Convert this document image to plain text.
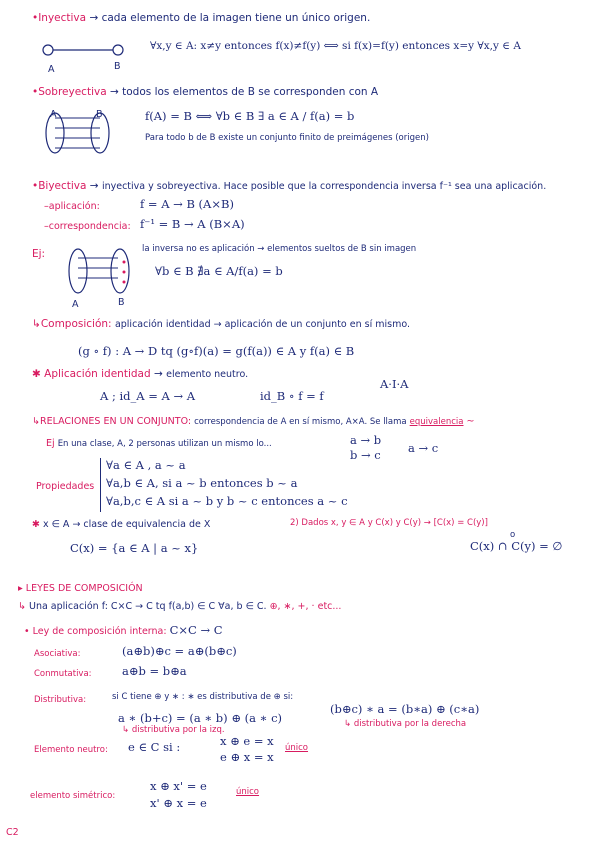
•Inyectiva → cada elemento de la imagen tiene un único origen.
A	B
∀x,y ∈ A: x≠y entonces f(x)≠f(y) ⟺ si f(x)=f(y) entonces x=y ∀x,y ∈ A
•Sobreyectiva → todos los elementos de B se corresponden con A
A	B	f(A) = B ⟺ ∀b ∈ B ∃ a ∈ A / f(a) = b
Para todo b de B existe un conjunto finito de preimágenes (origen)
•Biyectiva → inyectiva y sobreyectiva. Hace posible que la correspondencia inversa f⁻¹ sea una aplicación.
–aplicación:	f = A → B (A×B)
–correspondencia: f⁻¹ = B → A (B×A)
Ej:
A	B
la inversa no es aplicación → elementos sueltos de B sin imagen
∀b ∈ B ∄a ∈ A/f(a) = b
↳Composición: aplicación identidad → aplicación de un conjunto en sí mismo.
(g ∘ f) : A → D tq (g∘f)(a) = g(f(a)) ∈ A y f(a) ∈ B
✱ Aplicación identidad → elemento neutro.
A ; id_A = A → A	id_B ∘ f = f
A·I·A
↳RELACIONES EN UN CONJUNTO: correspondencia de A en sí mismo, A×A. Se llama equivalencia ~
Ej En una clase, A, 2 personas utilizan un mismo lo...	a → b
b → c a → c
Propiedades
∀a ∈ A , a ~ a
∀a,b ∈ A, si a ~ b entonces b ~ a
∀a,b,c ∈ A si a ~ b y b ~ c entonces a ~ c
✱ x ∈ A → clase de equivalencia de X
C(x) = {a ∈ A | a ~ x}
2) Dados x, y ∈ A y C(x) y C(y) → [C(x) = C(y)]
o
C(x) ∩ C(y) = ∅
▸ LEYES DE COMPOSICIÓN
↳ Una aplicación f: C×C → C tq f(a,b) ∈ C ∀a, b ∈ C. ⊕, ∗, +, · etc...
• Ley de composición interna: C×C → C
Asociativa:	(a⊕b)⊕c = a⊕(b⊕c)
Conmutativa:	a⊕b = b⊕a
Distributiva:	si C tiene ⊕ y ∗ : ∗ es distributiva de ⊕ si:
a ∗ (b+c) = (a ∗ b) ⊕ (a ∗ c)
↳ distributiva por la izq.
(b⊕c) ∗ a = (b∗a) ⊕ (c∗a)
↳ distributiva por la derecha
Elemento neutro: e ∈ C si :	x ⊕ e = x
e ⊕ x = x
único
elemento simétrico:
x ⊕ x' = e
x' ⊕ x = e
único
C2
